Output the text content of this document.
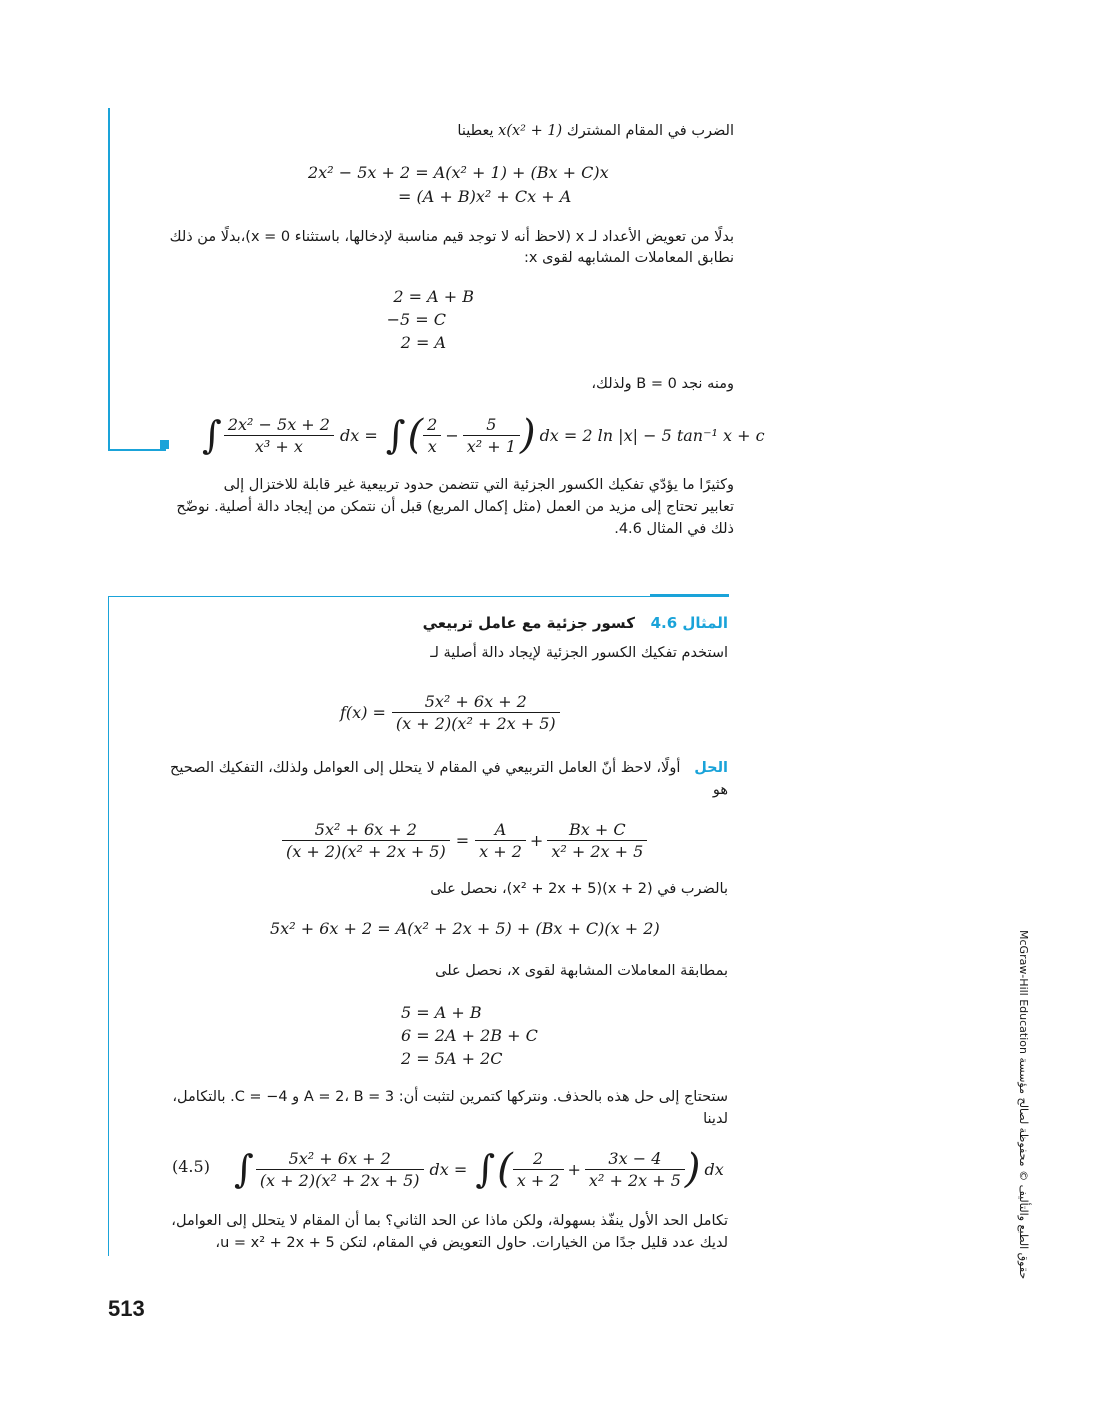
الضرب في المقام المشترك x(x² + 1) يعطينا
2x² − 5x + 2 = A(x² + 1) + (Bx + C)x
= (A + B)x² + Cx + A
بدلًا من تعويض الأعداد لـ x (لاحظ أنه لا توجد قيم مناسبة لإدخالها، باستثناء x = 0)،بدلًا من ذلك
نطابق المعاملات المشابهه لقوى x:
2 = A + B
−5 = C
2 = A
ومنه نجد B = 0 ولذلك،
∫ $\frac{\text{2x² − 5x + 2}}{\text{x³ + x}}$ dx = ∫ ( $\frac{2}{x} - \frac{5}{\text{x² + 1}}$ ) dx = 2 ln |x| − 5 tan⁻¹ x + c
وكثيرًا ما يؤدّي تفكيك الكسور الجزئية التي تتضمن حدود تربيعية غير قابلة للاختزال إلى
تعابير تحتاج إلى مزيد من العمل (مثل إكمال المربع) قبل أن نتمكن من إيجاد دالة أصلية. نوضّح
ذلك في المثال 4.6.
المثال 4.6   كسور جزئية مع عامل تربيعي
استخدم تفكيك الكسور الجزئية لإيجاد دالة أصلية لـ
$f(x) = \frac{\text{5x² + 6x + 2}}{\text{(x + 2)(x² + 2x + 5)}}$
الحل   أولًا، لاحظ أنّ العامل التربيعي في المقام لا يتحلل إلى العوامل ولذلك، التفكيك الصحيح
هو
$\frac{\text{5x² + 6x + 2}}{\text{(x + 2)(x² + 2x + 5)}} = \frac{A}{x + 2} + \frac{Bx + C}{\text{x² + 2x + 5}}$
بالضرب في (x + 2)(x² + 2x + 5)، نحصل على
5x² + 6x + 2 = A(x² + 2x + 5) + (Bx + C)(x + 2)
بمطابقة المعاملات المشابهة لقوى x، نحصل على
5 = A + B
6 = 2A + 2B + C
2 = 5A + 2C
ستحتاج إلى حل هذه بالحذف. ونتركها كتمرين لتثبت أن: A = 2، B = 3 و C = −4. بالتكامل،
لدينا
(4.5) ∫ $\frac{\text{5x² + 6x + 2}}{\text{(x + 2)(x² + 2x + 5)}}$ dx = ∫ ( $\frac{2}{x + 2} + \frac{3x - 4}{\text{x² + 2x + 5}}$ ) dx
تكامل الحد الأول ينفّذ بسهولة، ولكن ماذا عن الحد الثاني؟ بما أن المقام لا يتحلل إلى العوامل،
لديك عدد قليل جدًا من الخيارات. حاول التعويض في المقام، لتكن u = x² + 2x + 5،
513
حقوق الطبع والتأليف © محفوظة لصالح مؤسسة McGraw-Hill Education
